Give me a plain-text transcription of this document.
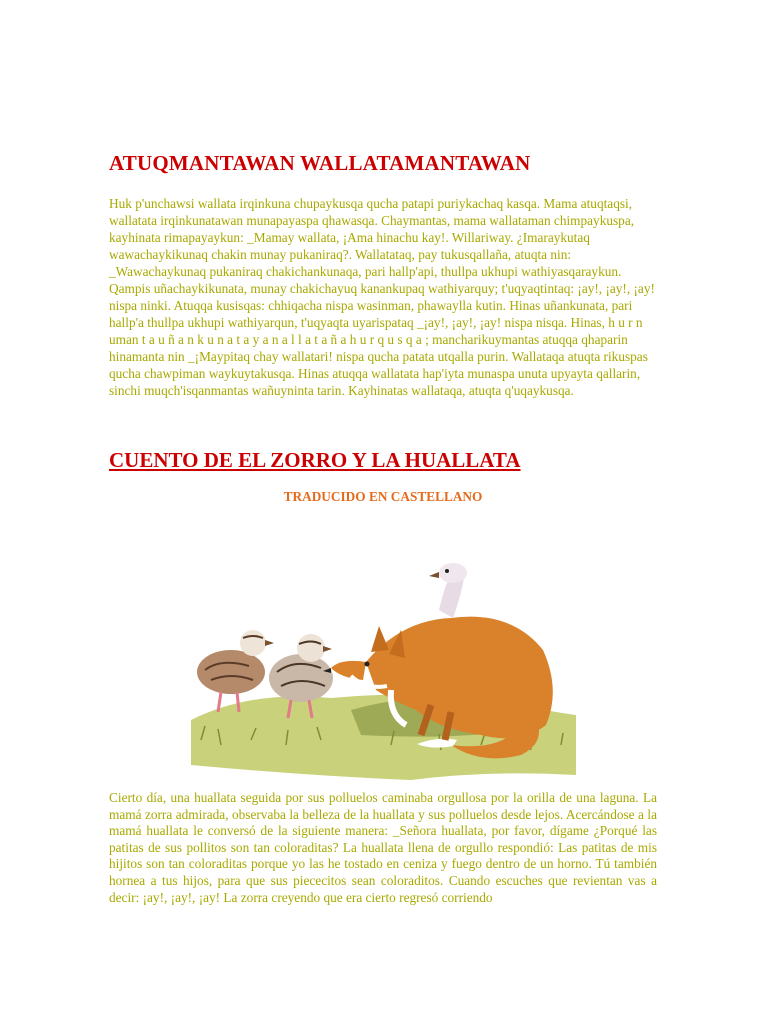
ATUQMANTAWAN WALLATAMANTAWAN

Huk p'unchawsi wallata irqinkuna chupaykusqa qucha patapi puriykachaq kasqa. Mama atuqtaqsi, wallatata irqinkunatawan munapayaspa qhawasqa. Chaymantas, mama wallataman chimpaykuspa, kayhinata rimapayaykun: _Mamay wallata, ¡Ama hinachu kay!. Willariway. ¿Imaraykutaq wawachaykikunaq chakin munay pukaniraq?. Wallatataq, pay tukusqallaña, atuqta nin: _Wawachaykunaq pukaniraq chakichankunaqa, pari hallp'api, thullpa ukhupi wathiyasqaraykun. Qampis uñachaykikunata, munay chakichayuq kanankupaq wathiyarquy; t'uqyaqtintaq: ¡ay!, ¡ay!, ¡ay! nispa ninki. Atuqqa kusisqas: chhiqacha nispa wasinman, phawaylla kutin. Hinas uñankunata, pari hallp'a thullpa ukhupi wathiyarqun, t'uqyaqta uyarispataq _¡ay!, ¡ay!, ¡ay! nispa nisqa. Hinas, h u r n uman t a u ñ a n k u n a t a y a n a l l a t a ñ a h u r q u s q a ; mancharikuymantas atuqqa qhaparin hinamanta nin _¡Maypitaq chay wallatari! nispa qucha patata utqalla purin. Wallataqa atuqta rikuspas qucha chawpiman waykuytakusqa. Hinas atuqqa wallatata hap'iyta munaspa unuta upyayta qallarin, sinchi muqch'isqanmantas wañuyninta tarin. Kayhinatas wallataqa, atuqta q'uqaykusqa.

CUENTO DE EL ZORRO Y LA HUALLATA

TRADUCIDO EN CASTELLANO

Cierto día, una huallata seguida por sus polluelos caminaba orgullosa por la orilla de una laguna. La mamá zorra admirada, observaba la belleza de la huallata y sus polluelos desde lejos. Acercándose a la mamá huallata le conversó de la siguiente manera: _Señora huallata, por favor, dígame ¿Porqué las patitas de sus pollitos son tan coloraditas? La huallata llena de orgullo respondió: Las patitas de mis hijitos son tan coloraditas porque yo las he tostado en ceniza y fuego dentro de un horno. Tú también hornea a tus hijos, para que sus piececitos sean coloraditos. Cuando escuches que revientan vas a decir: ¡ay!, ¡ay!, ¡ay! La zorra creyendo que era cierto regresó corriendo
